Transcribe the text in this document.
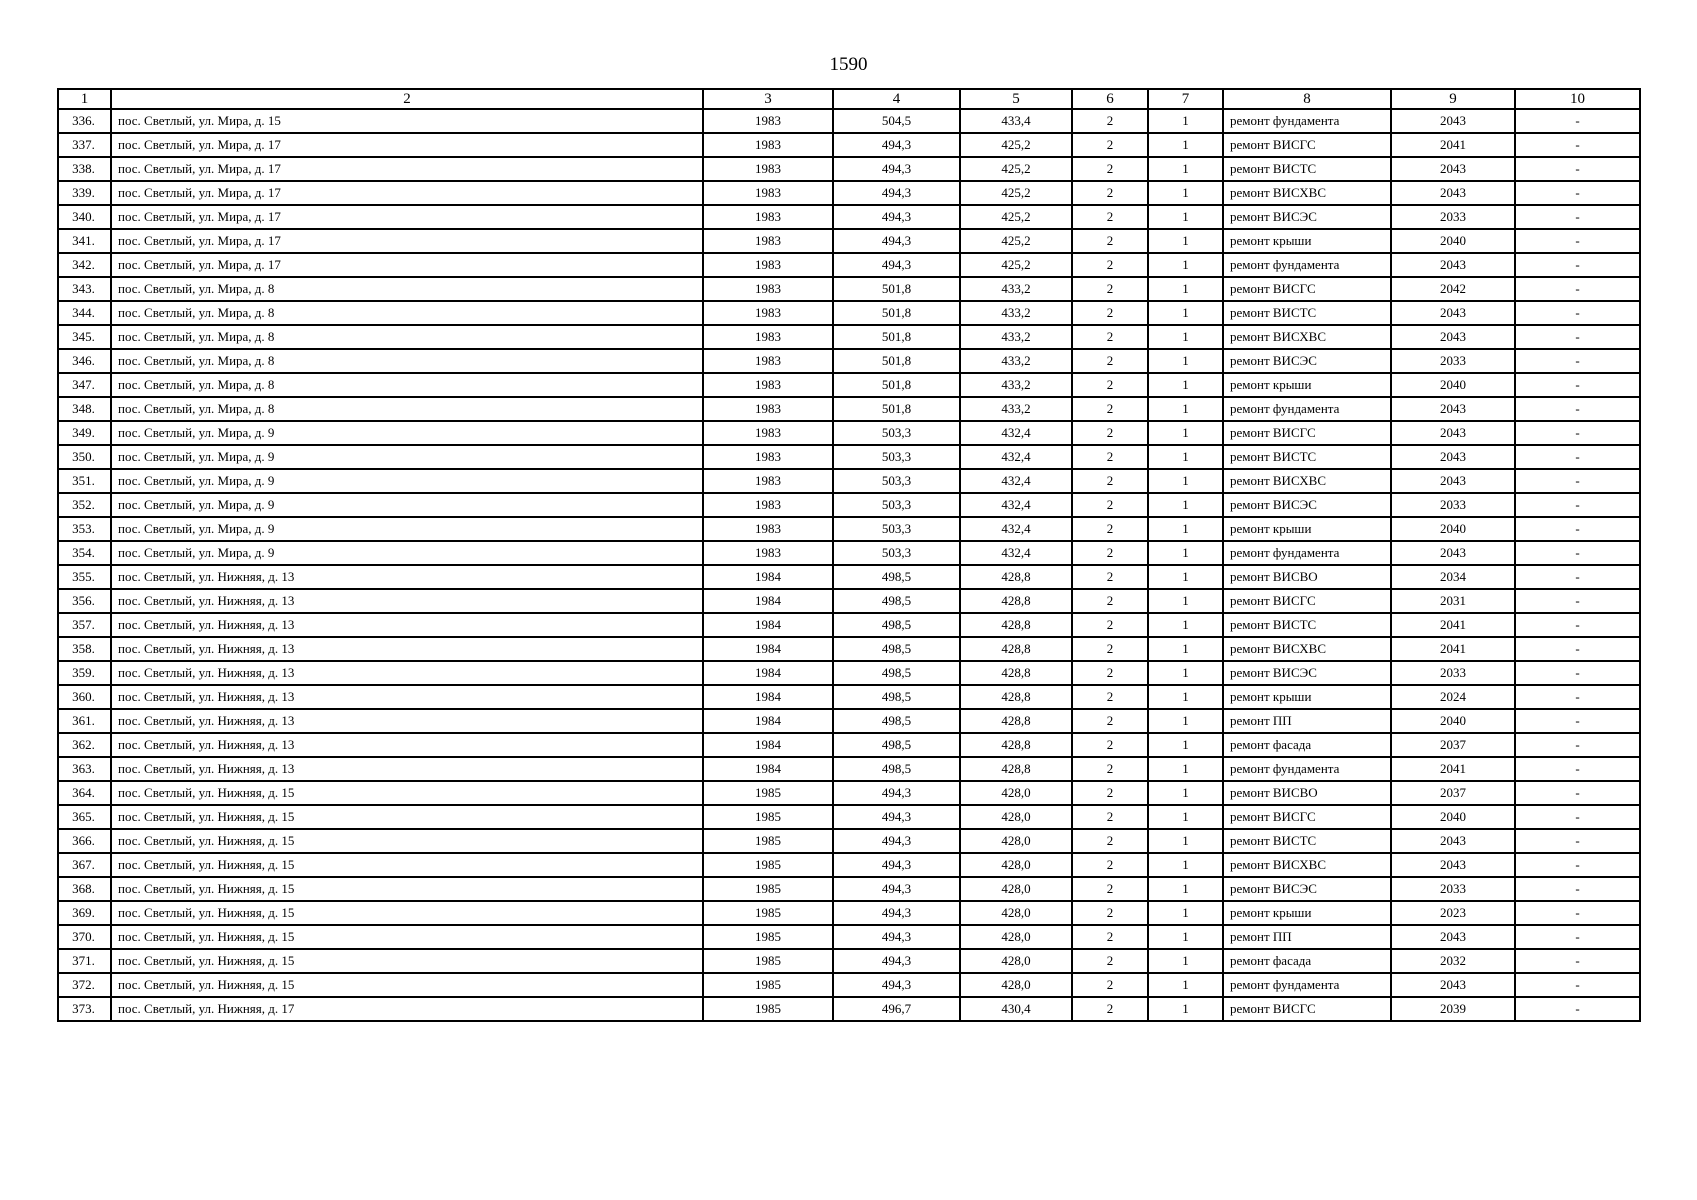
1590
1	2	3	4	5	6	7	8	9	10
336.	пос. Светлый, ул. Мира, д. 15	1983	504,5	433,4	2	1	ремонт фундамента	2043	-
337.	пос. Светлый, ул. Мира, д. 17	1983	494,3	425,2	2	1	ремонт ВИСГС	2041	-
338.	пос. Светлый, ул. Мира, д. 17	1983	494,3	425,2	2	1	ремонт ВИСТС	2043	-
339.	пос. Светлый, ул. Мира, д. 17	1983	494,3	425,2	2	1	ремонт ВИСХВС	2043	-
340.	пос. Светлый, ул. Мира, д. 17	1983	494,3	425,2	2	1	ремонт ВИСЭС	2033	-
341.	пос. Светлый, ул. Мира, д. 17	1983	494,3	425,2	2	1	ремонт крыши	2040	-
342.	пос. Светлый, ул. Мира, д. 17	1983	494,3	425,2	2	1	ремонт фундамента	2043	-
343.	пос. Светлый, ул. Мира, д. 8	1983	501,8	433,2	2	1	ремонт ВИСГС	2042	-
344.	пос. Светлый, ул. Мира, д. 8	1983	501,8	433,2	2	1	ремонт ВИСТС	2043	-
345.	пос. Светлый, ул. Мира, д. 8	1983	501,8	433,2	2	1	ремонт ВИСХВС	2043	-
346.	пос. Светлый, ул. Мира, д. 8	1983	501,8	433,2	2	1	ремонт ВИСЭС	2033	-
347.	пос. Светлый, ул. Мира, д. 8	1983	501,8	433,2	2	1	ремонт крыши	2040	-
348.	пос. Светлый, ул. Мира, д. 8	1983	501,8	433,2	2	1	ремонт фундамента	2043	-
349.	пос. Светлый, ул. Мира, д. 9	1983	503,3	432,4	2	1	ремонт ВИСГС	2043	-
350.	пос. Светлый, ул. Мира, д. 9	1983	503,3	432,4	2	1	ремонт ВИСТС	2043	-
351.	пос. Светлый, ул. Мира, д. 9	1983	503,3	432,4	2	1	ремонт ВИСХВС	2043	-
352.	пос. Светлый, ул. Мира, д. 9	1983	503,3	432,4	2	1	ремонт ВИСЭС	2033	-
353.	пос. Светлый, ул. Мира, д. 9	1983	503,3	432,4	2	1	ремонт крыши	2040	-
354.	пос. Светлый, ул. Мира, д. 9	1983	503,3	432,4	2	1	ремонт фундамента	2043	-
355.	пос. Светлый, ул. Нижняя, д. 13	1984	498,5	428,8	2	1	ремонт ВИСВО	2034	-
356.	пос. Светлый, ул. Нижняя, д. 13	1984	498,5	428,8	2	1	ремонт ВИСГС	2031	-
357.	пос. Светлый, ул. Нижняя, д. 13	1984	498,5	428,8	2	1	ремонт ВИСТС	2041	-
358.	пос. Светлый, ул. Нижняя, д. 13	1984	498,5	428,8	2	1	ремонт ВИСХВС	2041	-
359.	пос. Светлый, ул. Нижняя, д. 13	1984	498,5	428,8	2	1	ремонт ВИСЭС	2033	-
360.	пос. Светлый, ул. Нижняя, д. 13	1984	498,5	428,8	2	1	ремонт крыши	2024	-
361.	пос. Светлый, ул. Нижняя, д. 13	1984	498,5	428,8	2	1	ремонт ПП	2040	-
362.	пос. Светлый, ул. Нижняя, д. 13	1984	498,5	428,8	2	1	ремонт фасада	2037	-
363.	пос. Светлый, ул. Нижняя, д. 13	1984	498,5	428,8	2	1	ремонт фундамента	2041	-
364.	пос. Светлый, ул. Нижняя, д. 15	1985	494,3	428,0	2	1	ремонт ВИСВО	2037	-
365.	пос. Светлый, ул. Нижняя, д. 15	1985	494,3	428,0	2	1	ремонт ВИСГС	2040	-
366.	пос. Светлый, ул. Нижняя, д. 15	1985	494,3	428,0	2	1	ремонт ВИСТС	2043	-
367.	пос. Светлый, ул. Нижняя, д. 15	1985	494,3	428,0	2	1	ремонт ВИСХВС	2043	-
368.	пос. Светлый, ул. Нижняя, д. 15	1985	494,3	428,0	2	1	ремонт ВИСЭС	2033	-
369.	пос. Светлый, ул. Нижняя, д. 15	1985	494,3	428,0	2	1	ремонт крыши	2023	-
370.	пос. Светлый, ул. Нижняя, д. 15	1985	494,3	428,0	2	1	ремонт ПП	2043	-
371.	пос. Светлый, ул. Нижняя, д. 15	1985	494,3	428,0	2	1	ремонт фасада	2032	-
372.	пос. Светлый, ул. Нижняя, д. 15	1985	494,3	428,0	2	1	ремонт фундамента	2043	-
373.	пос. Светлый, ул. Нижняя, д. 17	1985	496,7	430,4	2	1	ремонт ВИСГС	2039	-
